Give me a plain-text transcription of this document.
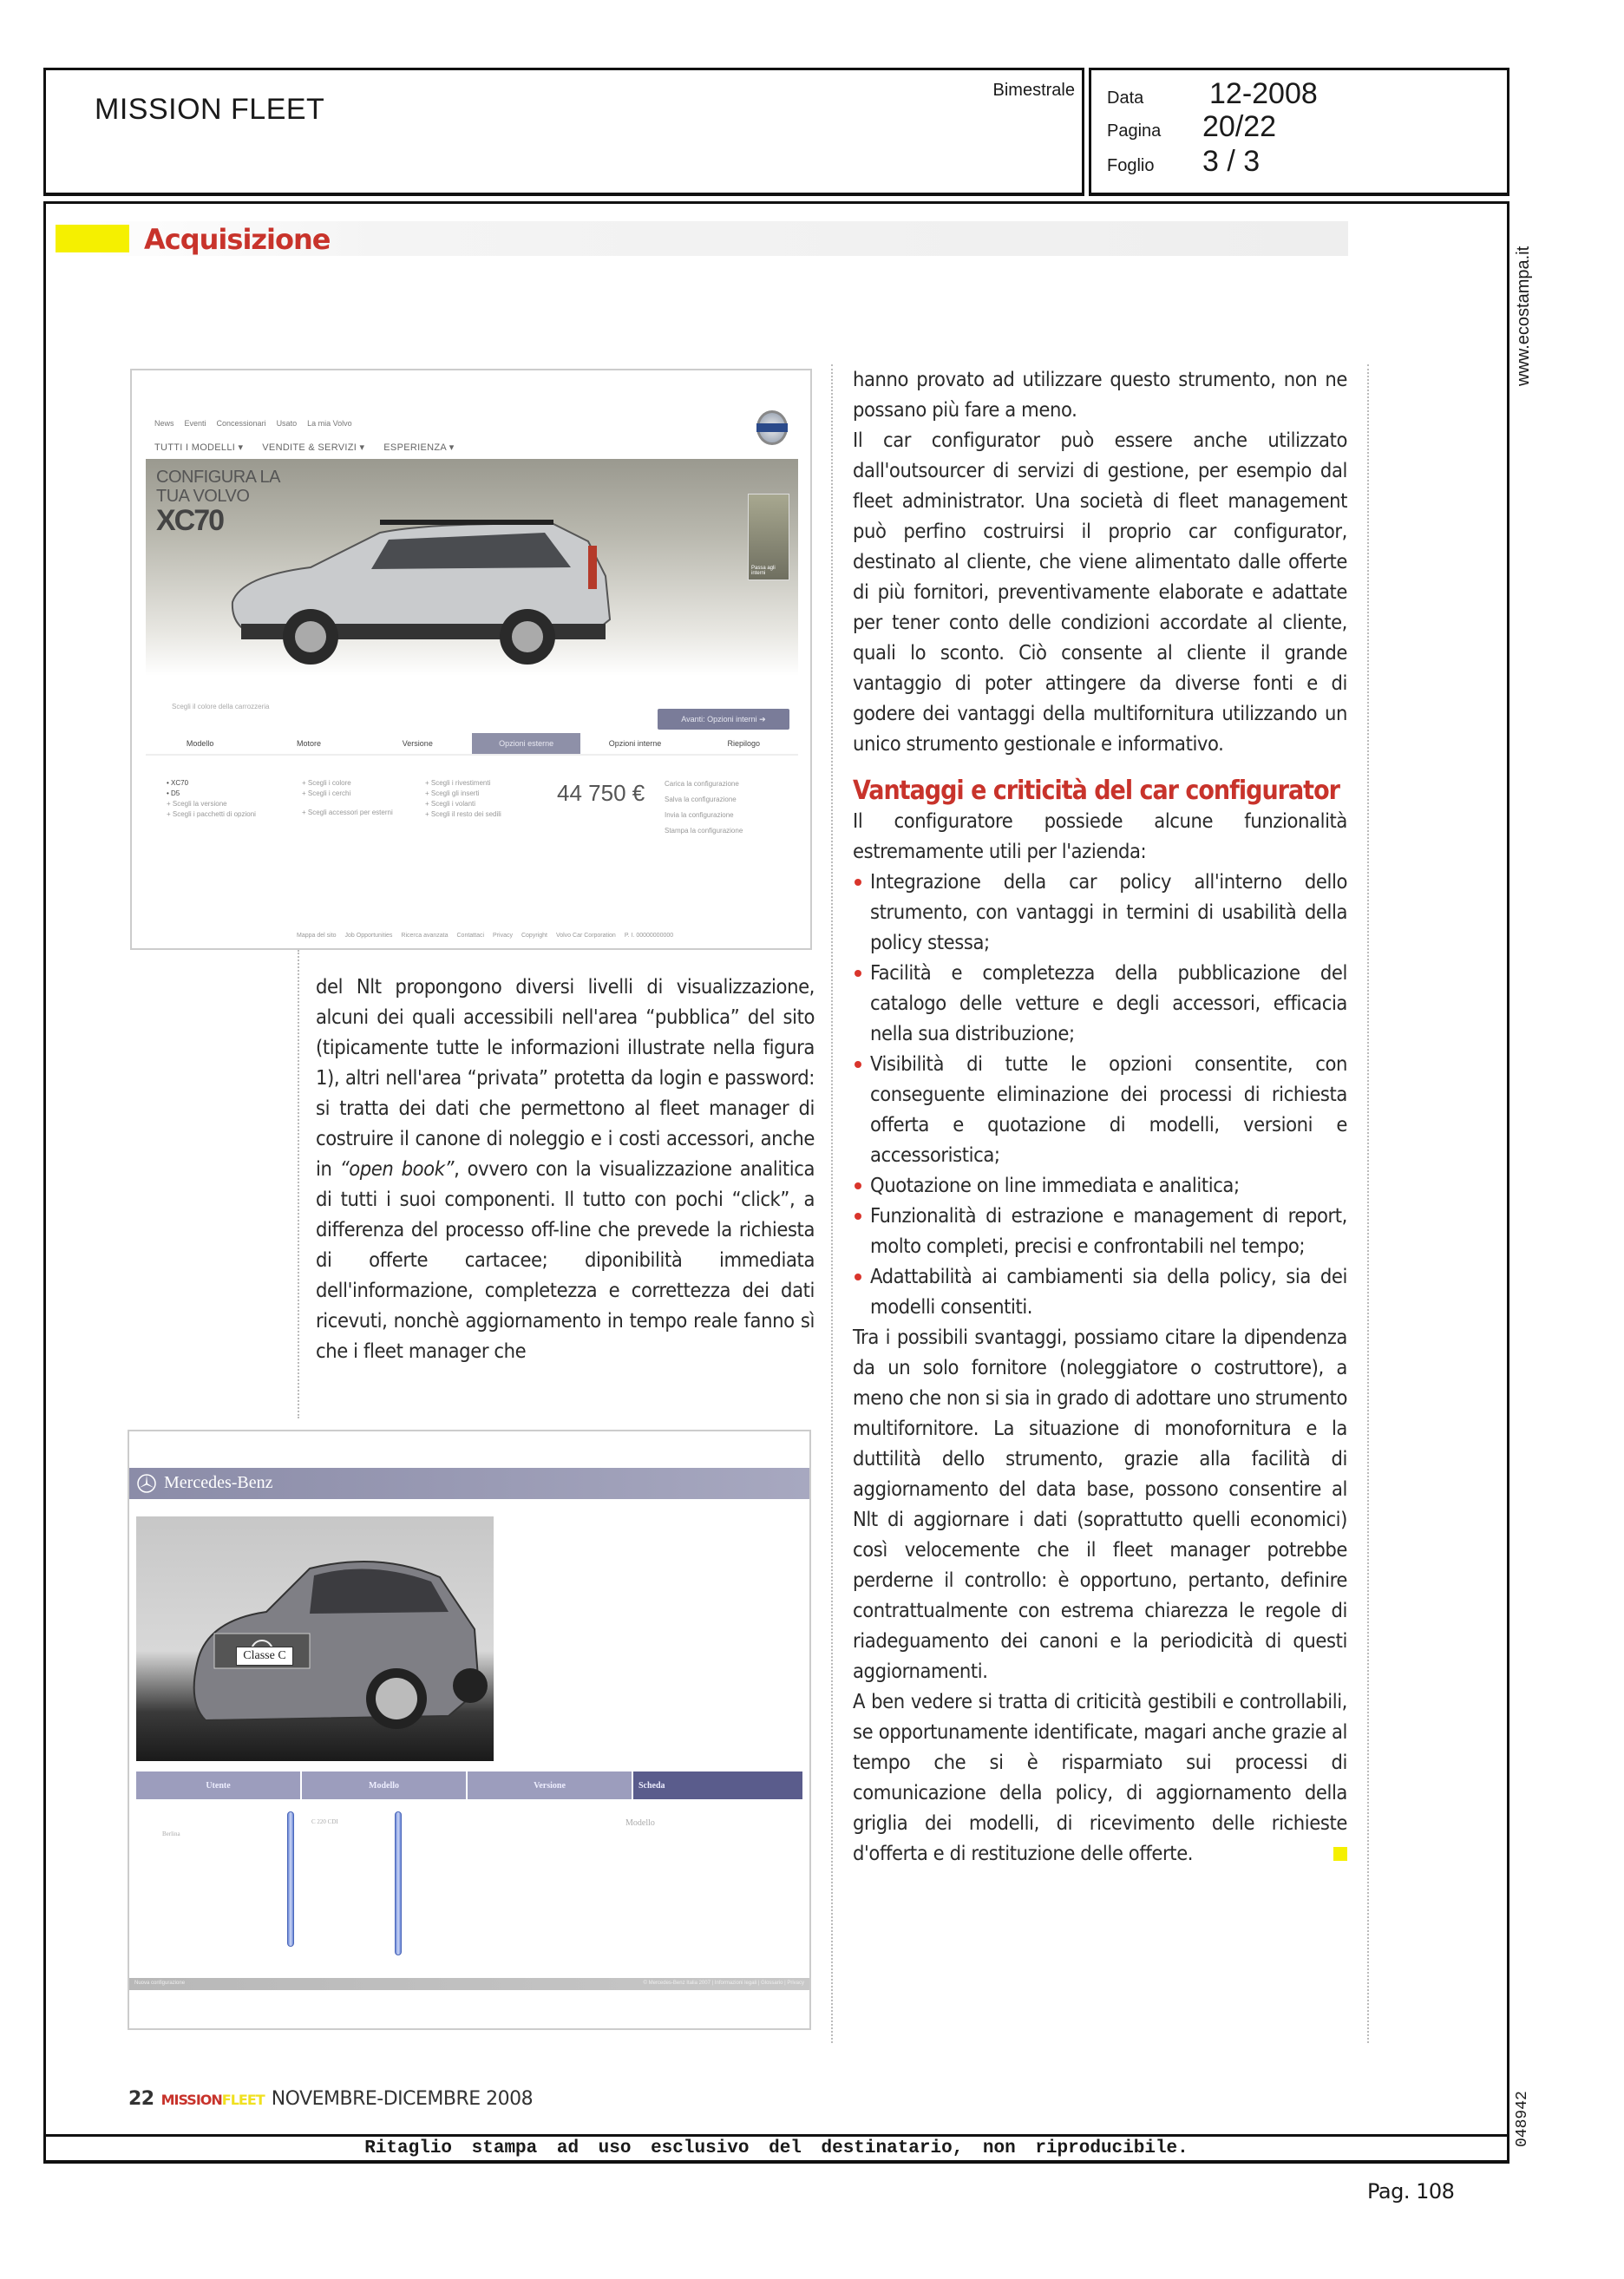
MISSION FLEET
Bimestrale Data	12-2008
Pagina	20/22
Foglio	3 / 3
www.ecostampa.it
048942
Acquisizione
News Eventi Concessionari Usato La mia Volvo
TUTTI I MODELLI ▾ VENDITE & SERVIZI ▾ ESPERIENZA ▾
CONFIGURA LA
TUA VOLVO
XC70
Passa agli interni
Scegli il colore della carrozzeria
Avanti: Opzioni interni ➔
Modello	Motore	Versione	Opzioni esterne	Opzioni interne	Riepilogo
• XC70
• D5
+ Scegli la versione
+ Scegli i pacchetti di opzioni
+ Scegli i colore
+ Scegli i cerchi
+ Scegli accessori per esterni
+ Scegli i rivestimenti
+ Scegli gli inserti
+ Scegli i volanti
+ Scegli il resto dei sedili
44 750 €	Carica la configurazione
Salva la configurazione
Invia la configurazione
Stampa la configurazione
Mappa del sito Job Opportunities Ricerca avanzata Contattaci Privacy Copyright Volvo Car Corporation P. I. 00000000000
del Nlt propongono diversi livelli di visualizzazione, alcuni dei quali accessibili nell'area “pubblica” del sito (tipicamente tutte le informazioni illustrate nella figura 1), altri nell'area “privata” protetta da login e password: si tratta dei dati che permettono al fleet manager di costruire il canone di noleggio e i costi accessori, anche in “open book”, ovvero con la visualizzazione analitica di tutti i suoi componenti. Il tutto con pochi “click”, a differenza del processo off-line che prevede la richiesta di offerte cartacee; diponibilità immediata dell'informazione, completezza e correttezza dei dati ricevuti, nonchè aggiornamento in tempo reale fanno sì che i fleet manager che

hanno provato ad utilizzare questo strumento, non ne possano più fare a meno.

Il car configurator può essere anche utilizzato dall'outsourcer di servizi di gestione, per esempio dal fleet administrator. Una società di fleet management può perfino costruirsi il proprio car configurator, destinato al cliente, che viene alimentato dalle offerte di più fornitori, preventivamente elaborate e adattate per tener conto delle condizioni accordate al cliente, quali lo sconto. Ciò consente al cliente il grande vantaggio di poter attingere da diverse fonti e di godere dei vantaggi della multifornitura utilizzando un unico strumento gestionale e informativo.

Vantaggi e criticità del car configurator

Il configuratore possiede alcune funzionalità estremamente utili per l'azienda:

Integrazione della car policy all'interno dello strumento, con vantaggi in termini di usabilità della policy stessa;
Facilità e completezza della pubblicazione del catalogo delle vetture e degli accessori, efficacia nella sua distribuzione;
Visibilità di tutte le opzioni consentite, con conseguente eliminazione dei processi di richiesta offerta e quotazione di modelli, versioni e accessoristica;
Quotazione on line immediata e analitica;
Funzionalità di estrazione e management di report, molto completi, precisi e confrontabili nel tempo;
Adattabilità ai cambiamenti sia della policy, sia dei modelli consentiti.

Tra i possibili svantaggi, possiamo citare la dipendenza da un solo fornitore (noleggiatore o costruttore), a meno che non si sia in grado di adottare uno strumento multifornitore. La situazione di monofornitura e la duttilità dello strumento, grazie alla facilità di aggiornamento del data base, possono consentire al Nlt di aggiornare i dati (soprattutto quelli economici) così velocemente che il fleet manager potrebbe perderne il controllo: è opportuno, pertanto, definire contrattualmente con estrema chiarezza le regole di riadeguamento dei canoni e la periodicità di questi aggiornamenti.

A ben vedere si tratta di criticità gestibili e controllabili, se opportunamente identificate, magari anche grazie al tempo che si è risparmiato sui processi di comunicazione della policy, di aggiornamento della griglia dei modelli, di ricevimento delle richieste d'offerta e di restituzione delle offerte.

Mercedes-Benz
Classe C
Utente	Modello	Versione	Scheda
Berlina
C 220 CDI	Modello
Nuova configurazione	© Mercedes-Benz Italia 2007 | Informazioni legali | Glossario | Privacy
22 MISSION FLEET NOVEMBRE-DICEMBRE 2008
Ritaglio stampa ad uso esclusivo del destinatario, non riproducibile.
Pag. 108
